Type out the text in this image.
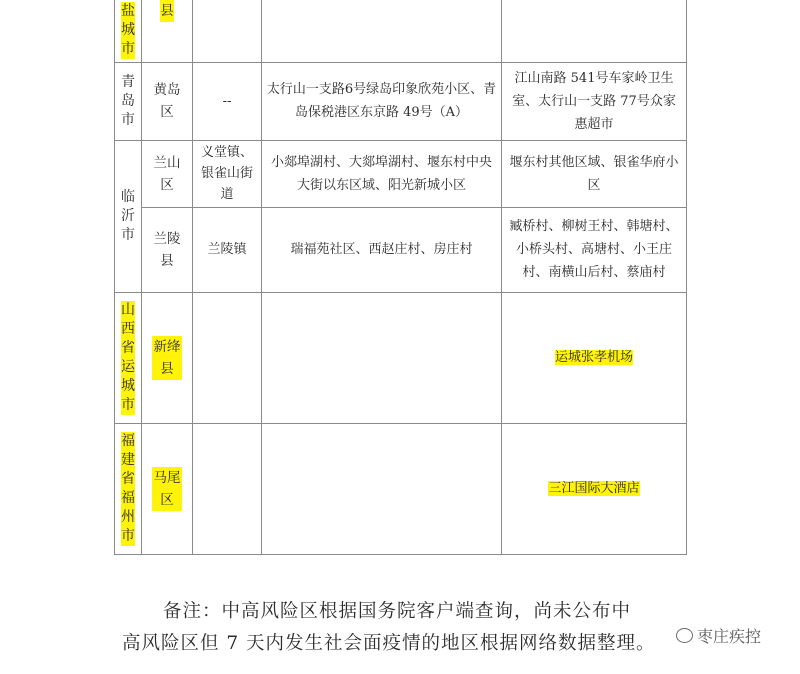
盐城市	县			
青岛市	黄岛区	--	太行山一支路6号绿岛印象欣苑小区、青岛保税港区东京路 49号（A）	江山南路 541号车家岭卫生室、太行山一支路 77号众家惠超市
临沂市	兰山区	义堂镇、银雀山街道	小郯埠湖村、大郯埠湖村、堰东村中央大街以东区域、阳光新城小区	堰东村其他区域、银雀华府小区
	兰陵县	兰陵镇	瑞福苑社区、西赵庄村、房庄村	臧桥村、柳树王村、韩塘村、小桥头村、高塘村、小王庄村、南横山后村、蔡庙村
山西省运城市	新绛县			运城张孝机场
福建省福州市	马尾区			三江国际大酒店
备注：中高风险区根据国务院客户端查询，尚未公布中
高风险区但 7 天内发生社会面疫情的地区根据网络数据整理。	枣庄疾控
